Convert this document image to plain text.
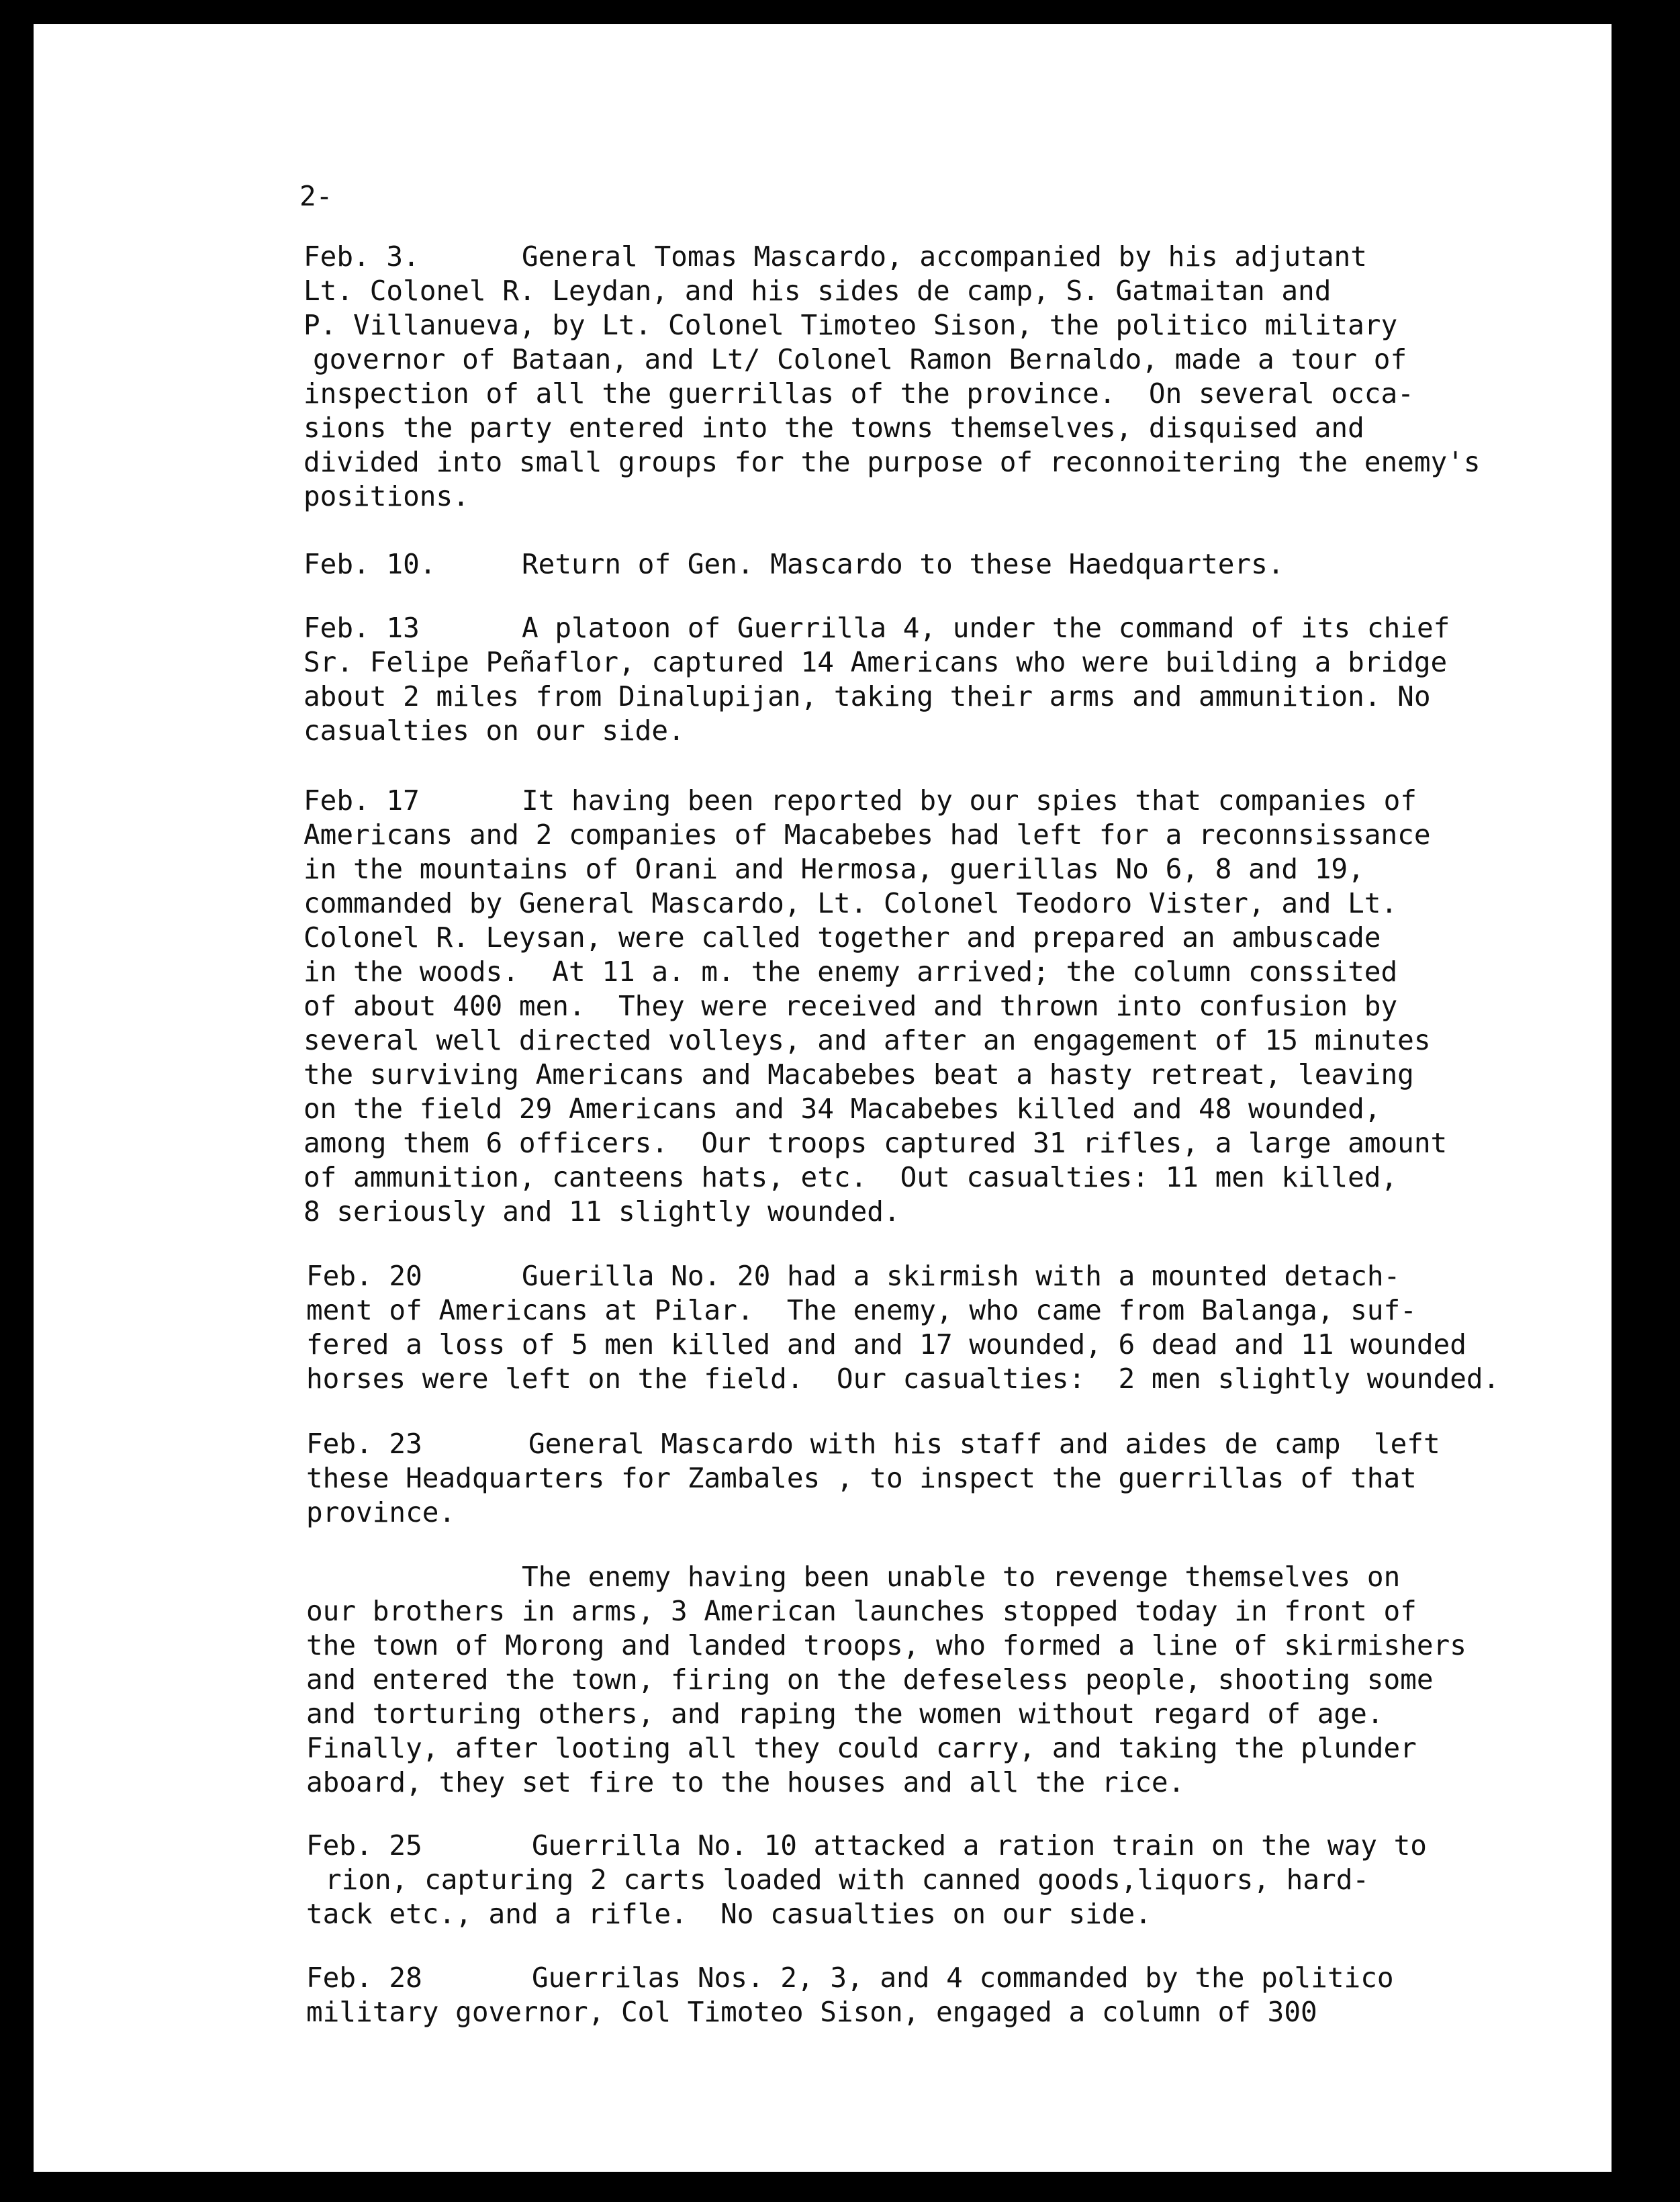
2-
Feb. 3.	General Tomas Mascardo, accompanied by his adjutant
Lt. Colonel R. Leydan, and his sides de camp, S. Gatmaitan and
P. Villanueva, by Lt. Colonel Timoteo Sison, the politico military
governor of Bataan, and Lt/ Colonel Ramon Bernaldo, made a tour of
inspection of all the guerrillas of the province.  On several occa-
sions the party entered into the towns themselves, disquised and
divided into small groups for the purpose of reconnoitering the enemy's
positions.
Feb. 10.	Return of Gen. Mascardo to these Haedquarters.
Feb. 13	A platoon of Guerrilla 4, under the command of its chief
Sr. Felipe Peñaflor, captured 14 Americans who were building a bridge
about 2 miles from Dinalupijan, taking their arms and ammunition. No
casualties on our side.
Feb. 17	It having been reported by our spies that companies of
Americans and 2 companies of Macabebes had left for a reconnsissance
in the mountains of Orani and Hermosa, guerillas No 6, 8 and 19,
commanded by General Mascardo, Lt. Colonel Teodoro Vister, and Lt.
Colonel R. Leysan, were called together and prepared an ambuscade
in the woods.  At 11 a. m. the enemy arrived; the column conssited
of about 400 men.  They were received and thrown into confusion by
several well directed volleys, and after an engagement of 15 minutes
the surviving Americans and Macabebes beat a hasty retreat, leaving
on the field 29 Americans and 34 Macabebes killed and 48 wounded,
among them 6 officers.  Our troops captured 31 rifles, a large amount
of ammunition, canteens hats, etc.  Out casualties: 11 men killed,
8 seriously and 11 slightly wounded.
Feb. 20	Guerilla No. 20 had a skirmish with a mounted detach-
ment of Americans at Pilar.  The enemy, who came from Balanga, suf-
fered a loss of 5 men killed and and 17 wounded, 6 dead and 11 wounded
horses were left on the field.  Our casualties:  2 men slightly wounded.
Feb. 23	General Mascardo with his staff and aides de camp  left
these Headquarters for Zambales , to inspect the guerrillas of that
province.
The enemy having been unable to revenge themselves on
our brothers in arms, 3 American launches stopped today in front of
the town of Morong and landed troops, who formed a line of skirmishers
and entered the town, firing on the defeseless people, shooting some
and torturing others, and raping the women without regard of age.
Finally, after looting all they could carry, and taking the plunder
aboard, they set fire to the houses and all the rice.
Feb. 25	Guerrilla No. 10 attacked a ration train on the way to
rion, capturing 2 carts loaded with canned goods,liquors, hard-
tack etc., and a rifle.  No casualties on our side.
Feb. 28	Guerrilas Nos. 2, 3, and 4 commanded by the politico
military governor, Col Timoteo Sison, engaged a column of 300
